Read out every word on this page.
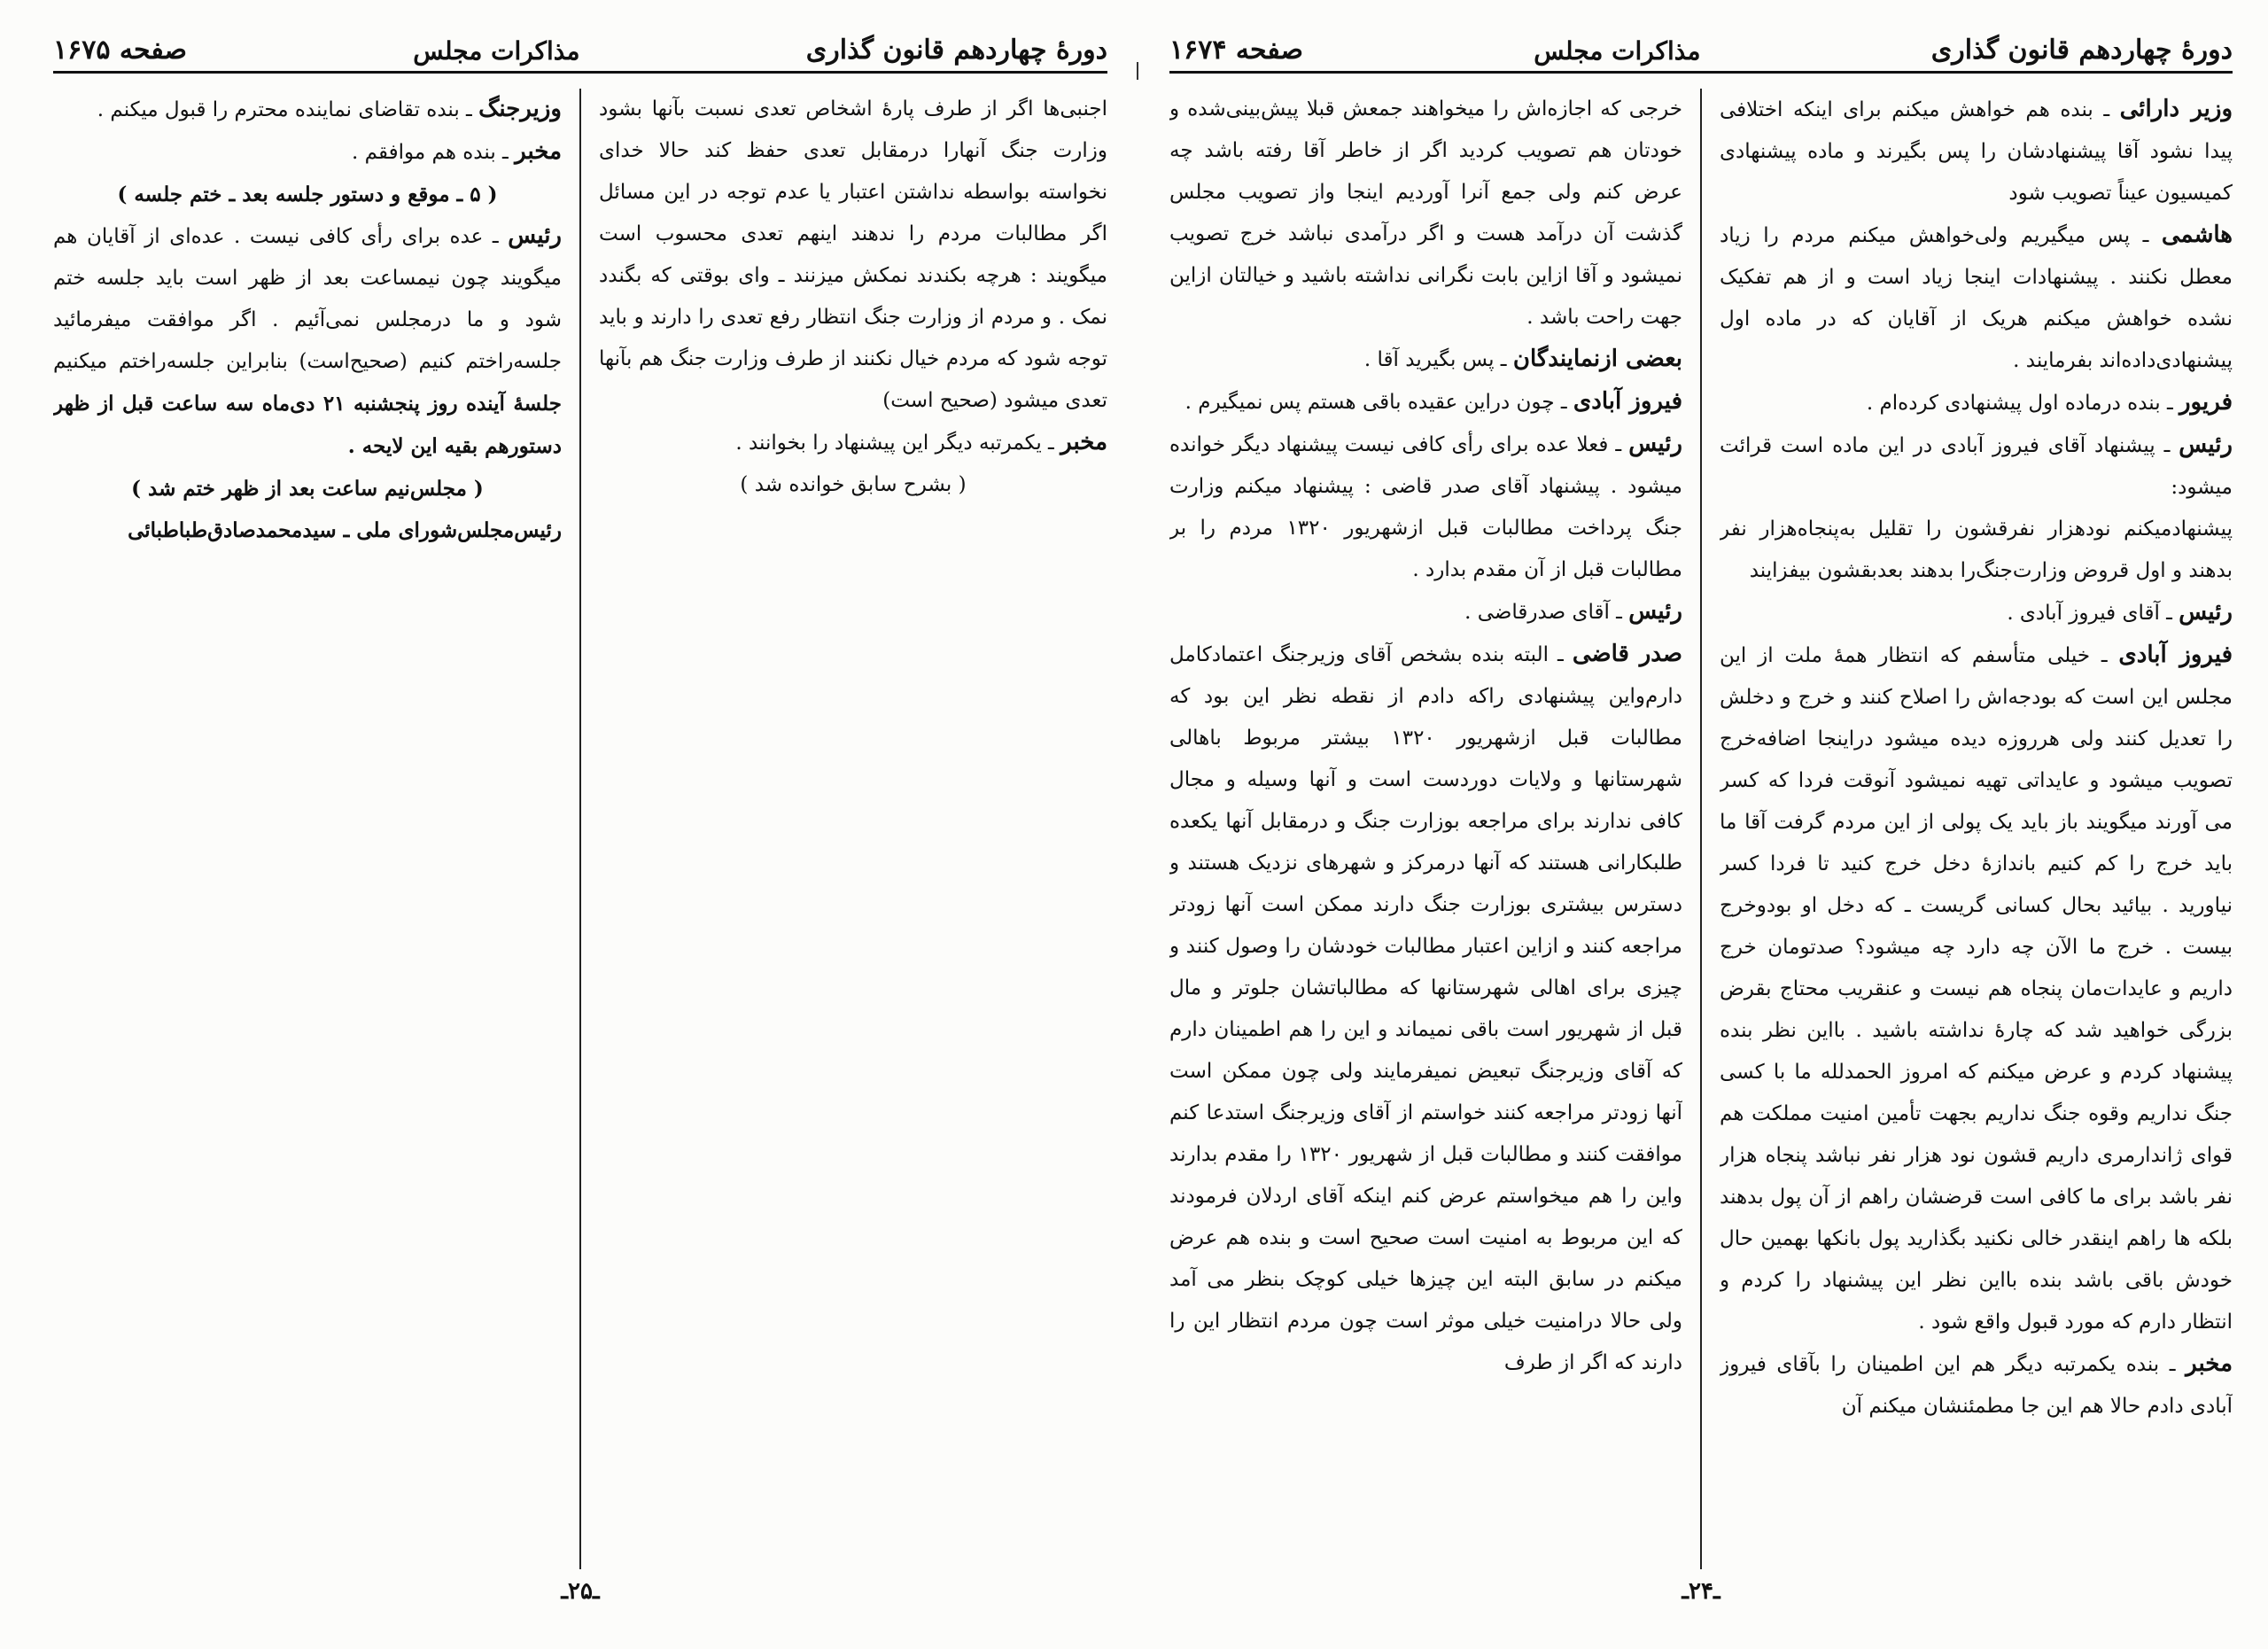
دورهٔ چهاردهم قانون گذاری
مذاکرات مجلس
صفحه ۱۶۷۵

اجنبی‌ها اگر از طرف پاره‌ٔ اشخاص تعدی نسبت بآنها بشود وزارت جنگ آنهارا درمقابل تعدی حفظ کند حالا خدای نخواسته بواسطه نداشتن اعتبار یا عدم توجه در این مسائل اگر مطالبات مردم را ندهند اینهم تعدی محسوب است میگویند : هرچه بکندند نمکش میزنند ـ وای بوقتی که بگندد نمک . و مردم از وزارت جنگ انتظار رفع تعدی را دارند و باید توجه شود که مردم خیال نکنند از طرف وزارت جنگ هم بآنها تعدی میشود (صحیح است)

مخبر ـ یکمرتبه دیگر این پیشنهاد را بخوانند .

( بشرح سابق خوانده شد )

وزیرجنگ ـ بنده تقاضای نماینده محترم را قبول میکنم .

مخبر ـ بنده هم موافقم .

( ۵ ـ موقع و دستور جلسه بعد ـ ختم جلسه )

رئیس ـ عده برای رأی کافی نیست . عده‌ای از آقایان هم میگویند چون نیمساعت بعد از ظهر است باید جلسه ختم شود و ما درمجلس نمی‌آئیم . اگر موافقت میفرمائید جلسه‌راختم کنیم (صحیح‌است) بنابراین جلسه‌راختم میکنیم جلسهٔ آینده روز پنجشنبه ۲۱ دی‌ماه سه ساعت قبل از ظهر دستورهم بقیه این لایحه .

( مجلس‌نیم ساعت بعد از ظهر ختم شد )

رئیس‌مجلس‌شورای ملی ـ سیدمحمدصادق‌طباطبائی

ـ۲۵ـ
دورهٔ چهاردهم قانون گذاری
مذاکرات مجلس
صفحه ۱۶۷۴

وزیر دارائی ـ بنده هم خواهش میکنم برای اینکه اختلافی پیدا نشود آقا پیشنهادشان را پس بگیرند و ماده پیشنهادی کمیسیون عیناً تصویب شود

هاشمی ـ پس میگیریم ولی‌خواهش میکنم مردم را زیاد معطل نکنند . پیشنهادات اینجا زیاد است و از هم تفکیک نشده خواهش میکنم هریک از آقایان که در ماده اول پیشنهادی‌داده‌اند بفرمایند .

فریور ـ بنده درماده اول پیشنهادی کرده‌ام .

رئیس ـ پیشنهاد آقای فیروز آبادی در این ماده است قرائت میشود:

پیشنهادمیکنم نودهزار نفرقشون را تقلیل به‌پنجاه‌هزار نفر بدهند و اول قروض وزارت‌جنگ‌را بدهند بعدبقشون بیفزایند

رئیس ـ آقای فیروز آبادی .

فیروز آبادی ـ خیلی متأسفم که انتظار همهٔ ملت از این مجلس این است که بودجه‌اش را اصلاح کنند و خرج و دخلش را تعدیل کنند ولی هرروزه دیده میشود دراینجا اضافه‌خرج تصویب میشود و عایداتی تهیه نمیشود آنوقت فردا که کسر می آورند میگویند باز باید یک پولی از این مردم گرفت آقا ما باید خرج را کم کنیم باندازهٔ دخل خرج کنید تا فردا کسر نیاورید . بیائید بحال کسانی گریست ـ که دخل او بودوخرج بیست . خرج ما الآن چه دارد چه میشود؟ صدتومان خرج داریم و عایدات‌مان پنجاه هم نیست و عنقریب محتاج بقرض بزرگی خواهید شد که چارهٔ نداشته باشید . بااین نظر بنده پیشنهاد کردم و عرض میکنم که امروز الحمدلله ما با کسی جنگ نداریم وقوه جنگ نداریم بجهت تأمین امنیت مملکت هم قوای ژاندارمری داریم قشون نود هزار نفر نباشد پنجاه هزار نفر باشد برای ما کافی است قرضشان راهم از آن پول بدهند بلکه ها راهم اینقدر خالی نکنید بگذارید پول بانکها بهمین حال خودش باقی باشد بنده بااین نظر این پیشنهاد را کردم و انتظار دارم که مورد قبول واقع شود .

مخبر ـ بنده یکمرتبه دیگر هم این اطمینان را بآقای فیروز آبادی دادم حالا هم این جا مطمئنشان میکنم آن

خرجی که اجازه‌اش را میخواهند جمعش قبلا پیش‌بینی‌شده و خودتان هم تصویب کردید اگر از خاطر آقا رفته باشد چه عرض کنم ولی جمع آنرا آوردیم اینجا واز تصویب مجلس گذشت آن درآمد هست و اگر درآمدی نباشد خرج تصویب نمیشود و آقا ازاین بابت نگرانی نداشته باشید و خیالتان ازاین جهت راحت باشد .

بعضی ازنمایندگان ـ پس بگیرید آقا .

فیروز آبادی ـ چون دراین عقیده باقی هستم پس نمیگیرم .

رئیس ـ فعلا عده برای رأی کافی نیست پیشنهاد دیگر خوانده میشود . پیشنهاد آقای صدر قاضی : پیشنهاد میکنم وزارت جنگ پرداخت مطالبات قبل ازشهریور ۱۳۲۰ مردم را بر مطالبات قبل از آن مقدم بدارد .

رئیس ـ آقای صدرقاضی .

صدر قاضی ـ البته بنده بشخص آقای وزیرجنگ اعتمادکامل دارم‌واین پیشنهادی راکه دادم از نقطه نظر این بود که مطالبات قبل ازشهریور ۱۳۲۰ بیشتر مربوط باهالی شهرستانها و ولایات دوردست است و آنها وسیله و مجال کافی ندارند برای مراجعه بوزارت جنگ و درمقابل آنها یکعده طلبکارانی هستند که آنها درمرکز و شهرهای نزدیک هستند و دسترس بیشتری بوزارت جنگ دارند ممکن است آنها زودتر مراجعه کنند و ازاین اعتبار مطالبات خودشان را وصول کنند و چیزی برای اهالی شهرستانها که مطالباتشان جلوتر و مال قبل از شهریور است باقی نمیماند و این را هم اطمینان دارم که آقای وزیرجنگ تبعیض نمیفرمایند ولی چون ممکن است آنها زودتر مراجعه کنند خواستم از آقای وزیرجنگ استدعا کنم موافقت کنند و مطالبات قبل از شهریور ۱۳۲۰ را مقدم بدارند واین را هم میخواستم عرض کنم اینکه آقای اردلان فرمودند که این مربوط به امنیت است صحیح است و بنده هم عرض میکنم در سابق البته این چیزها خیلی کوچک بنظر می آمد ولی حالا درامنیت خیلی موثر است چون مردم انتظار این را دارند که اگر از طرف

ـ۲۴ـ
